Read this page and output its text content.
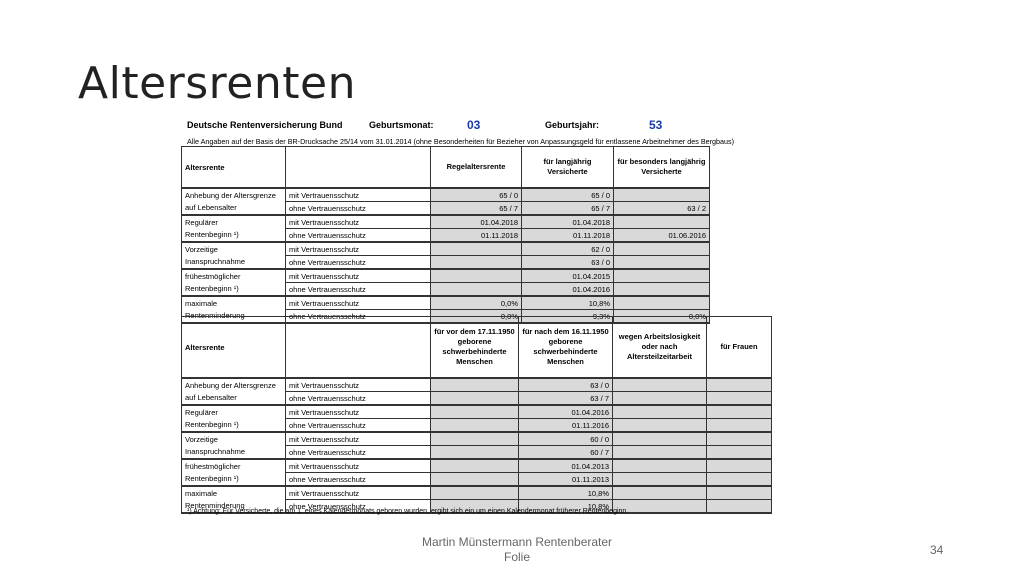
Altersrenten
Deutsche Rentenversicherung Bund	Geburtsmonat:	03	Geburtsjahr:	53
Alle Angaben auf der Basis der BR-Drucksache 25/14 vom 31.01.2014 (ohne Besonderheiten für Bezieher von Anpassungsgeld für entlassene Arbeitnehmer des Bergbaus)
Altersrente		Regelaltersrente	für langjährig Versicherte	für besonders langjährig Versicherte
Anhebung der Altersgrenze	mit Vertrauensschutz	65 / 0	65 / 0	
auf Lebensalter	ohne Vertrauensschutz	65 / 7	65 / 7	63 / 2
Regulärer	mit Vertrauensschutz	01.04.2018	01.04.2018	
Rentenbeginn ¹)	ohne Vertrauensschutz	01.11.2018	01.11.2018	01.06.2016
Vorzeitige	mit Vertrauensschutz		62 / 0	
Inanspruchnahme	ohne Vertrauensschutz		63 / 0	
frühestmöglicher	mit Vertrauensschutz		01.04.2015	
Rentenbeginn ¹)	ohne Vertrauensschutz		01.04.2016	
maximale	mit Vertrauensschutz	0,0%	10,8%	
Rentenminderung	ohne Vertrauensschutz	0,0%	9,3%	0,0%
Altersrente		für vor dem 17.11.1950 geborene schwerbehinderte Menschen	für nach dem 16.11.1950 geborene schwerbehinderte Menschen	wegen Arbeitslosigkeit oder nach Altersteilzeitarbeit	für Frauen
Anhebung der Altersgrenze	mit Vertrauensschutz		63 / 0		
auf Lebensalter	ohne Vertrauensschutz		63 / 7		
Regulärer	mit Vertrauensschutz		01.04.2016		
Rentenbeginn ¹)	ohne Vertrauensschutz		01.11.2016		
Vorzeitige	mit Vertrauensschutz		60 / 0		
Inanspruchnahme	ohne Vertrauensschutz		60 / 7		
frühestmöglicher	mit Vertrauensschutz		01.04.2013		
Rentenbeginn ¹)	ohne Vertrauensschutz		01.11.2013		
maximale	mit Vertrauensschutz		10,8%		
Rentenminderung	ohne Vertrauensschutz		10,8%		
¹) Achtung: Für Versicherte, die am 1. eines Kalendermonats geboren wurden, ergibt sich ein um einen Kalendermonat früherer Rentenbeginn
Martin Münstermann Rentenberater
Folie	34
